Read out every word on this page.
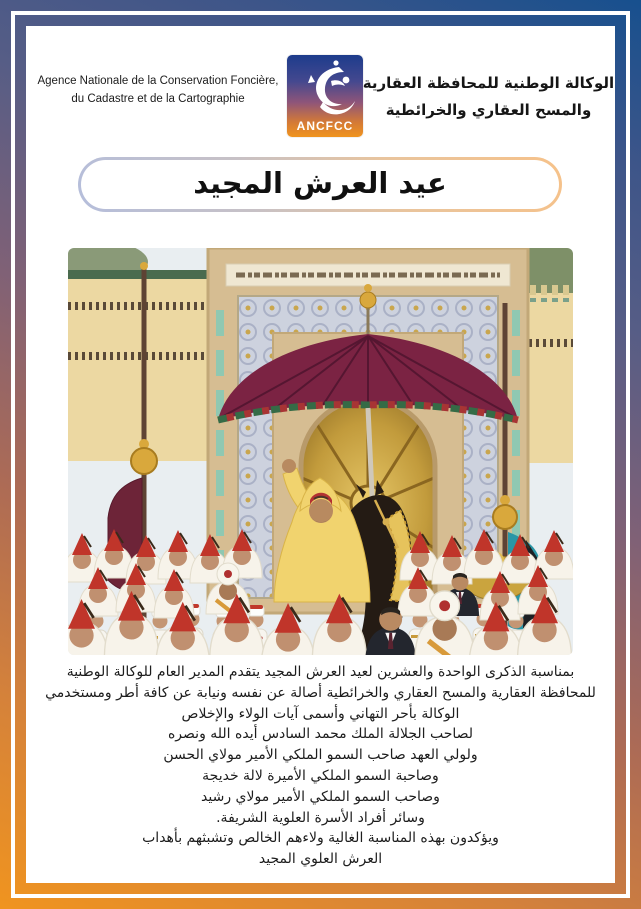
Agence Nationale de la Conservation Foncière,
du Cadastre et de la Cartographie
ANCFCC
الوكالة الوطنية للمحافظة العقارية
والمسح العقاري والخرائطية
عيد العرش المجيد
بمناسبة الذكرى الواحدة والعشرين لعيد العرش المجيد يتقدم المدير العام للوكالة الوطنية
للمحافظة العقارية والمسح العقاري والخرائطية أصالة عن نفسه ونيابة عن كافة أطر ومستخدمي
الوكالة بأحر التهاني وأسمى آيات الولاء والإخلاص
لصاحب الجلالة الملك محمد السادس أيده الله ونصره
ولولي العهد صاحب السمو الملكي الأمير مولاي الحسن
وصاحبة السمو الملكي الأميرة لالة خديجة
وصاحب السمو الملكي الأمير مولاي رشيد
وسائر أفراد الأسرة العلوية الشريفة.
ويؤكدون بهذه المناسبة الغالية ولاءهم الخالص وتشبثهم بأهداب
العرش العلوي المجيد
